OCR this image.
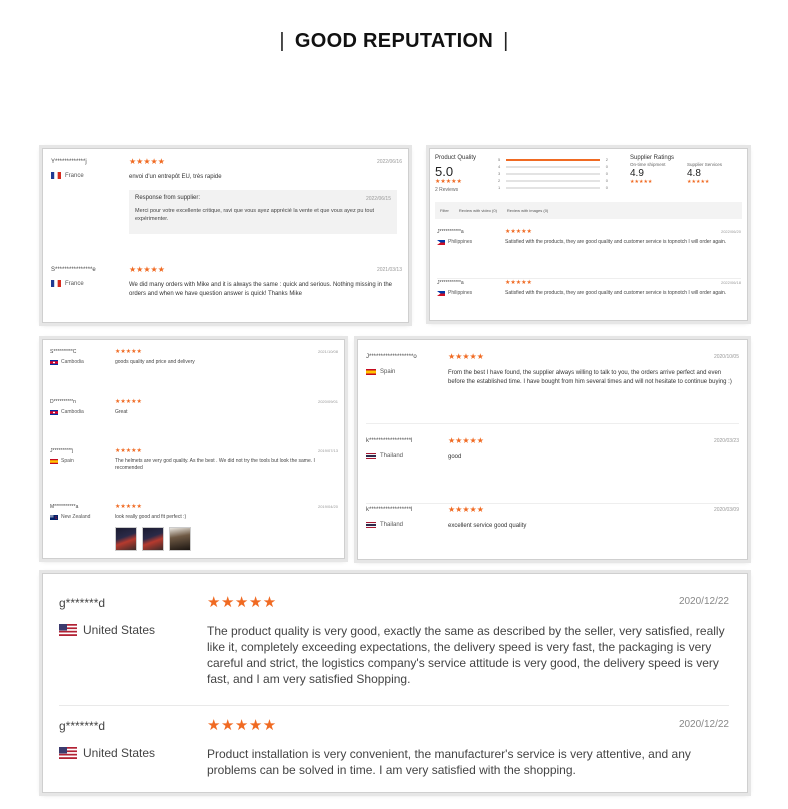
| GOOD REPUTATION |
Y*************j
France
★★★★★	2022/06/16
envoi d'un entrepôt EU, très rapide
Response from supplier:	2022/06/15
Merci pour votre excellente critique, ravi que vous ayez apprécié la vente et que vous ayez pu tout expérimenter.
S****************e
France
★★★★★	2021/03/13
We did many orders with Mike and it is always the same : quick and serious. Nothing missing in the orders and when we have question answer is quick! Thanks Mike
Product Quality
5.0
★★★★★
2 Reviews
5	2
4	0
3	0
2	0
1	0
Supplier Ratings
On-time shipment
4.9
★★★★★
Supplier Services
4.8
★★★★★
Filter	Review with video (0)	Review with images (0)
J***********a
Philippines
★★★★★	2022/06/20
Satisfied with the products, they are good quality and customer service is topnotch I will order again.
J***********a
Philippines
★★★★★	2022/06/18
Satisfied with the products, they are good quality and customer service is topnotch I will order again.
S**********C
Cambodia
★★★★★	2021/10/08
goods quality and price and delivery
D**********n
Cambodia
★★★★★	2020/09/01
Great
J**********j
Spain
★★★★★	2019/07/13
The helmets are very god quality. As the best . We did not try the tools but look the same. I recomended
M***********a
New Zealand
★★★★★	2019/04/20
look really good and fit perfect :)
J*******************o
Spain
★★★★★	2020/10/05
From the best I have found, the supplier always willing to talk to you, the orders arrive perfect and even before the established time. I have bought from him several times and will not hesitate to continue buying :)
k******************l
Thailand
★★★★★	2020/03/23
good
k******************l
Thailand
★★★★★	2020/03/09
excellent service good quality
g*******d
United States
★★★★★	2020/12/22
The product quality is very good, exactly the same as described by the seller, very satisfied, really like it, completely exceeding expectations, the delivery speed is very fast, the packaging is very careful and strict, the logistics company's service attitude is very good, the delivery speed is very fast, and I am very satisfied Shopping.
g*******d
United States
★★★★★	2020/12/22
Product installation is very convenient, the manufacturer's service is very attentive, and any problems can be solved in time. I am very satisfied with the shopping.
